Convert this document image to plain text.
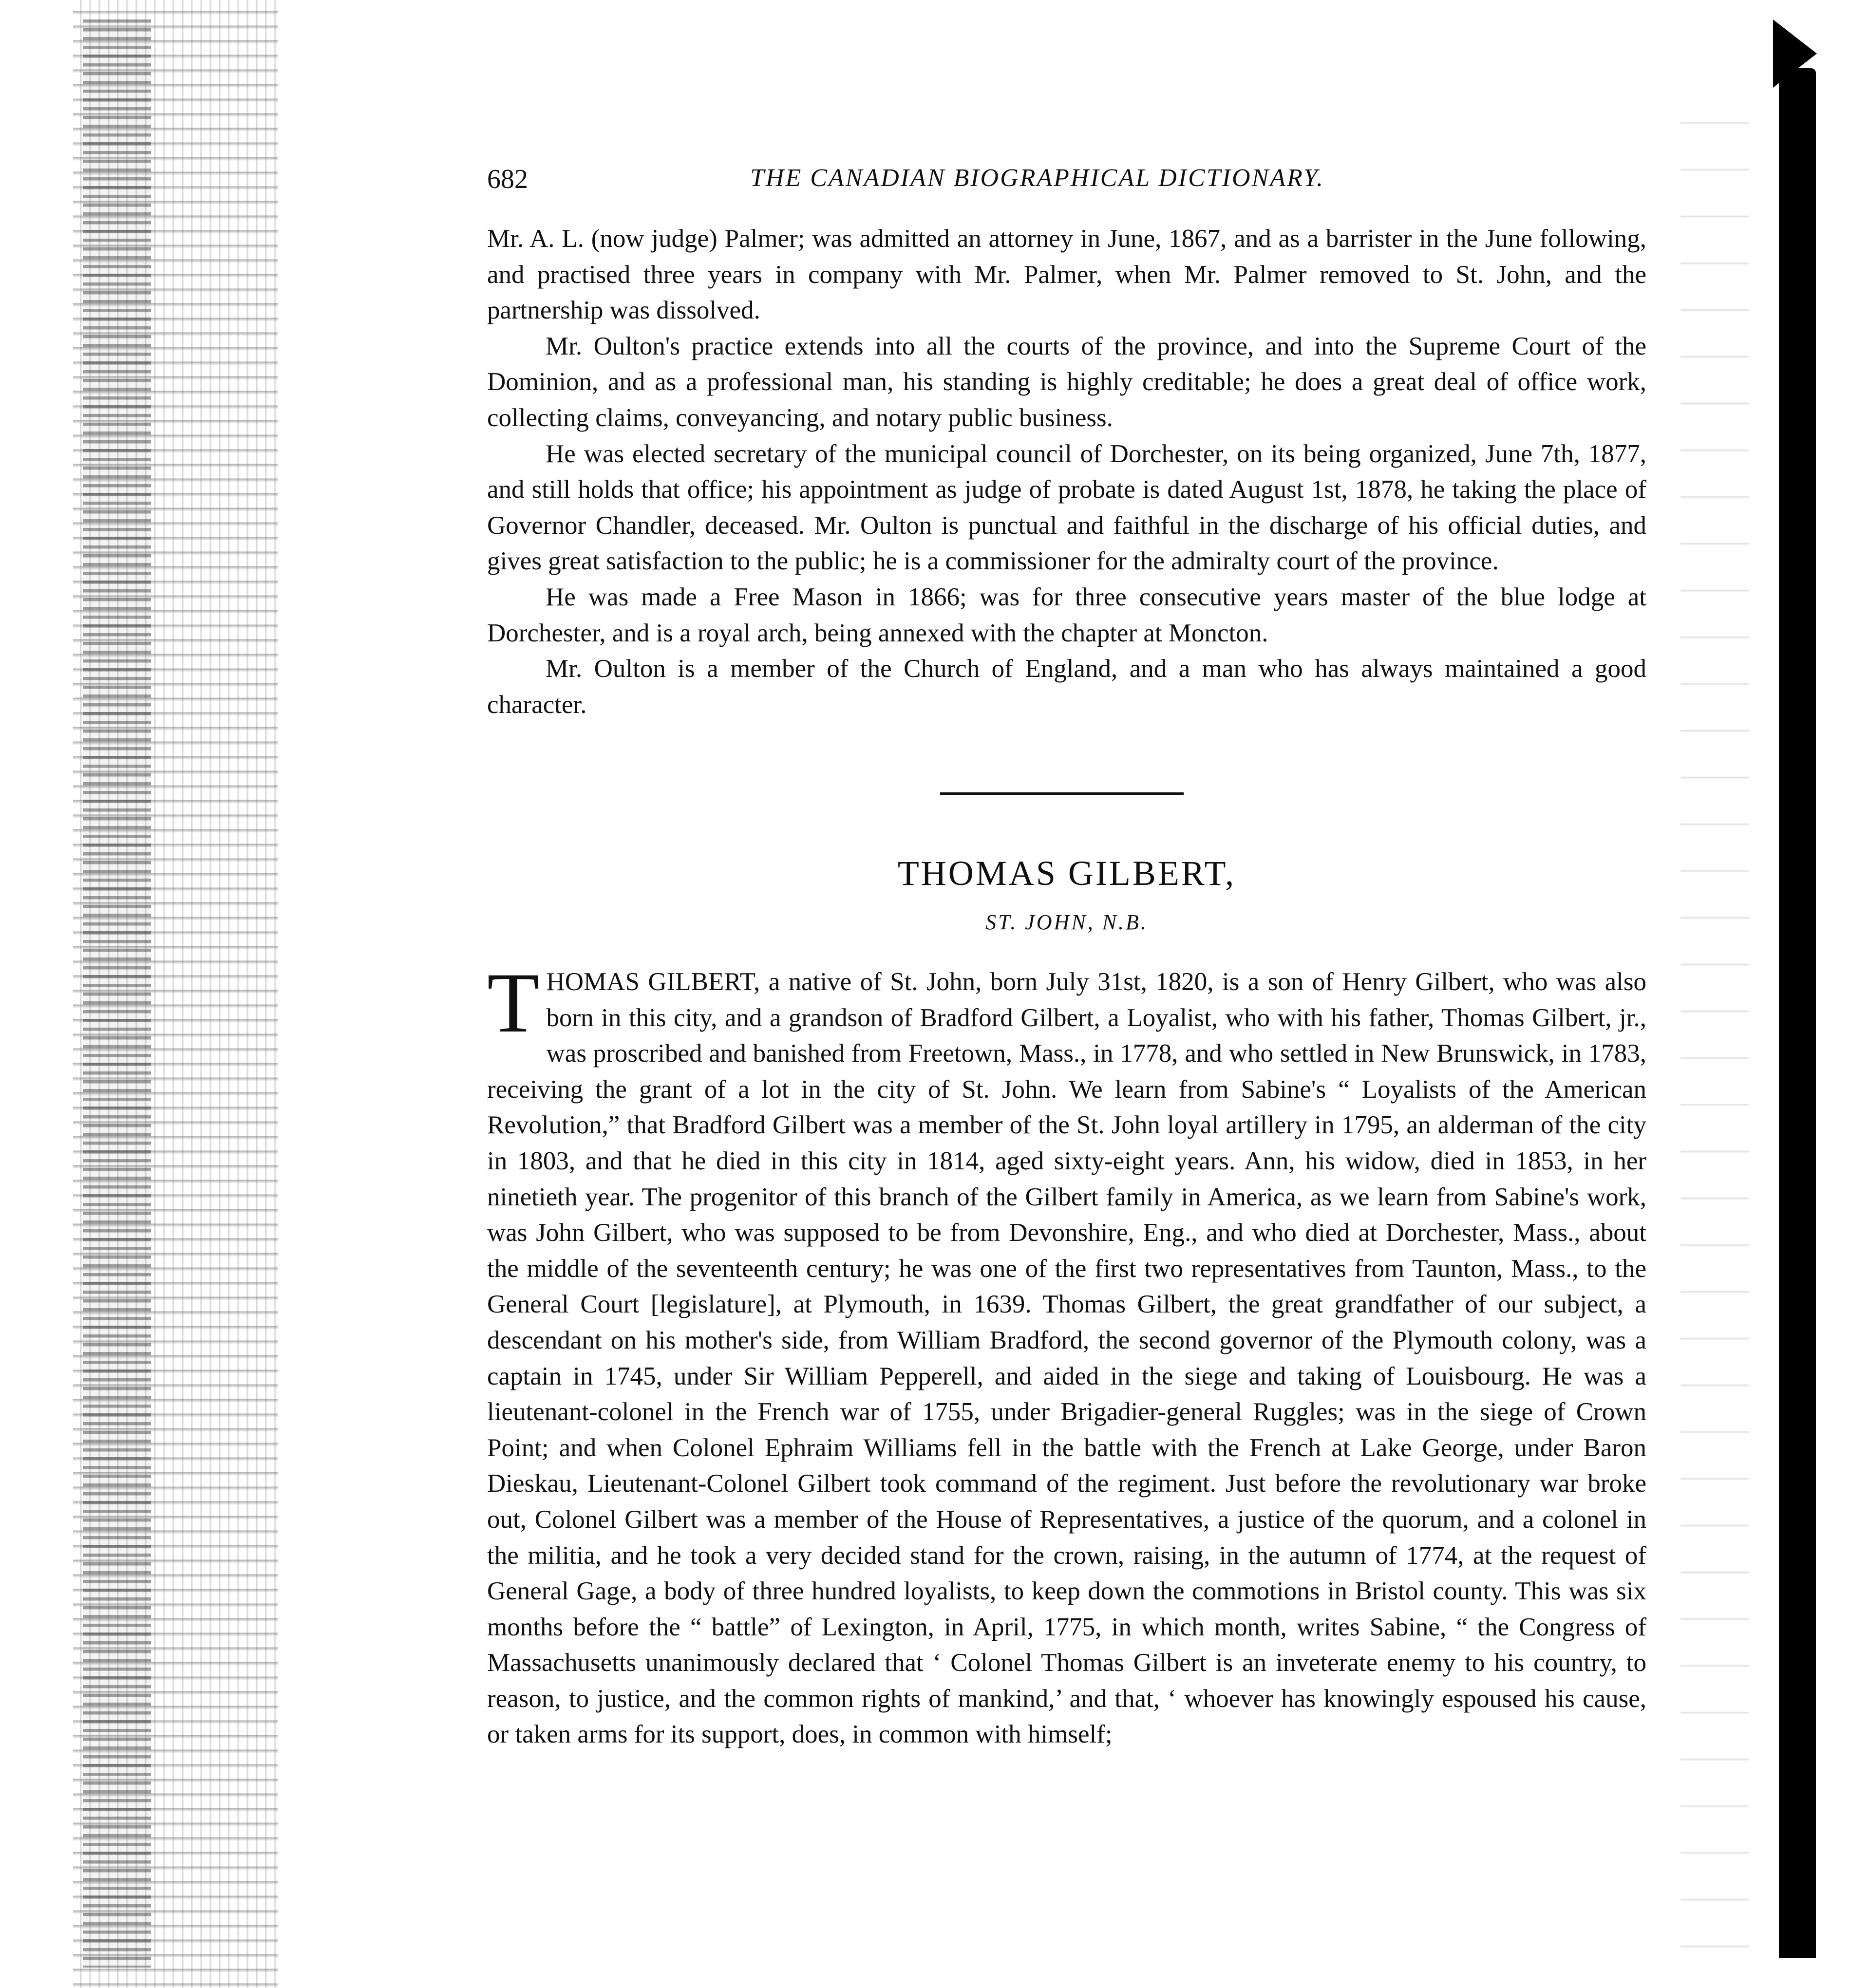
682	THE CANADIAN BIOGRAPHICAL DICTIONARY.

Mr. A. L. (now judge) Palmer; was admitted an attorney in June, 1867, and as a barrister in the June following, and practised three years in company with Mr. Palmer, when Mr. Palmer removed to St. John, and the partnership was dissolved.

Mr. Oulton's practice extends into all the courts of the province, and into the Supreme Court of the Dominion, and as a professional man, his standing is highly creditable; he does a great deal of office work, collecting claims, conveyancing, and notary public business.

He was elected secretary of the municipal council of Dorchester, on its being organized, June 7th, 1877, and still holds that office; his appointment as judge of probate is dated August 1st, 1878, he taking the place of Governor Chandler, deceased. Mr. Oulton is punctual and faithful in the discharge of his official duties, and gives great satisfaction to the public; he is a commissioner for the admiralty court of the province.

He was made a Free Mason in 1866; was for three consecutive years master of the blue lodge at Dorchester, and is a royal arch, being annexed with the chapter at Moncton.

Mr. Oulton is a member of the Church of England, and a man who has always maintained a good character.

THOMAS GILBERT,
ST. JOHN, N.B.
T HOMAS GILBERT, a native of St. John, born July 31st, 1820, is a son of Henry Gilbert, who was also born in this city, and a grandson of Bradford Gilbert, a Loyalist, who with his father, Thomas Gilbert, jr., was proscribed and banished from Freetown, Mass., in 1778, and who settled in New Brunswick, in 1783, receiving the grant of a lot in the city of St. John. We learn from Sabine's “ Loyalists of the American Revolution,” that Bradford Gilbert was a member of the St. John loyal artillery in 1795, an alderman of the city in 1803, and that he died in this city in 1814, aged sixty-eight years. Ann, his widow, died in 1853, in her ninetieth year. The progenitor of this branch of the Gilbert family in America, as we learn from Sabine's work, was John Gilbert, who was supposed to be from Devonshire, Eng., and who died at Dorchester, Mass., about the middle of the seventeenth century; he was one of the first two representatives from Taunton, Mass., to the General Court [legislature], at Plymouth, in 1639. Thomas Gilbert, the great grandfather of our subject, a descendant on his mother's side, from William Bradford, the second governor of the Plymouth colony, was a captain in 1745, under Sir William Pepperell, and aided in the siege and taking of Louisbourg. He was a lieutenant-colonel in the French war of 1755, under Brigadier-general Ruggles; was in the siege of Crown Point; and when Colonel Ephraim Williams fell in the battle with the French at Lake George, under Baron Dieskau, Lieutenant-Colonel Gilbert took command of the regiment. Just before the revolutionary war broke out, Colonel Gilbert was a member of the House of Representatives, a justice of the quorum, and a colonel in the militia, and he took a very decided stand for the crown, raising, in the autumn of 1774, at the request of General Gage, a body of three hundred loyalists, to keep down the commotions in Bristol county. This was six months before the “ battle” of Lexington, in April, 1775, in which month, writes Sabine, “ the Congress of Massachusetts unanimously declared that ‘ Colonel Thomas Gilbert is an inveterate enemy to his country, to reason, to justice, and the common rights of mankind,’ and that, ‘ whoever has knowingly espoused his cause, or taken arms for its support, does, in common with himself;
